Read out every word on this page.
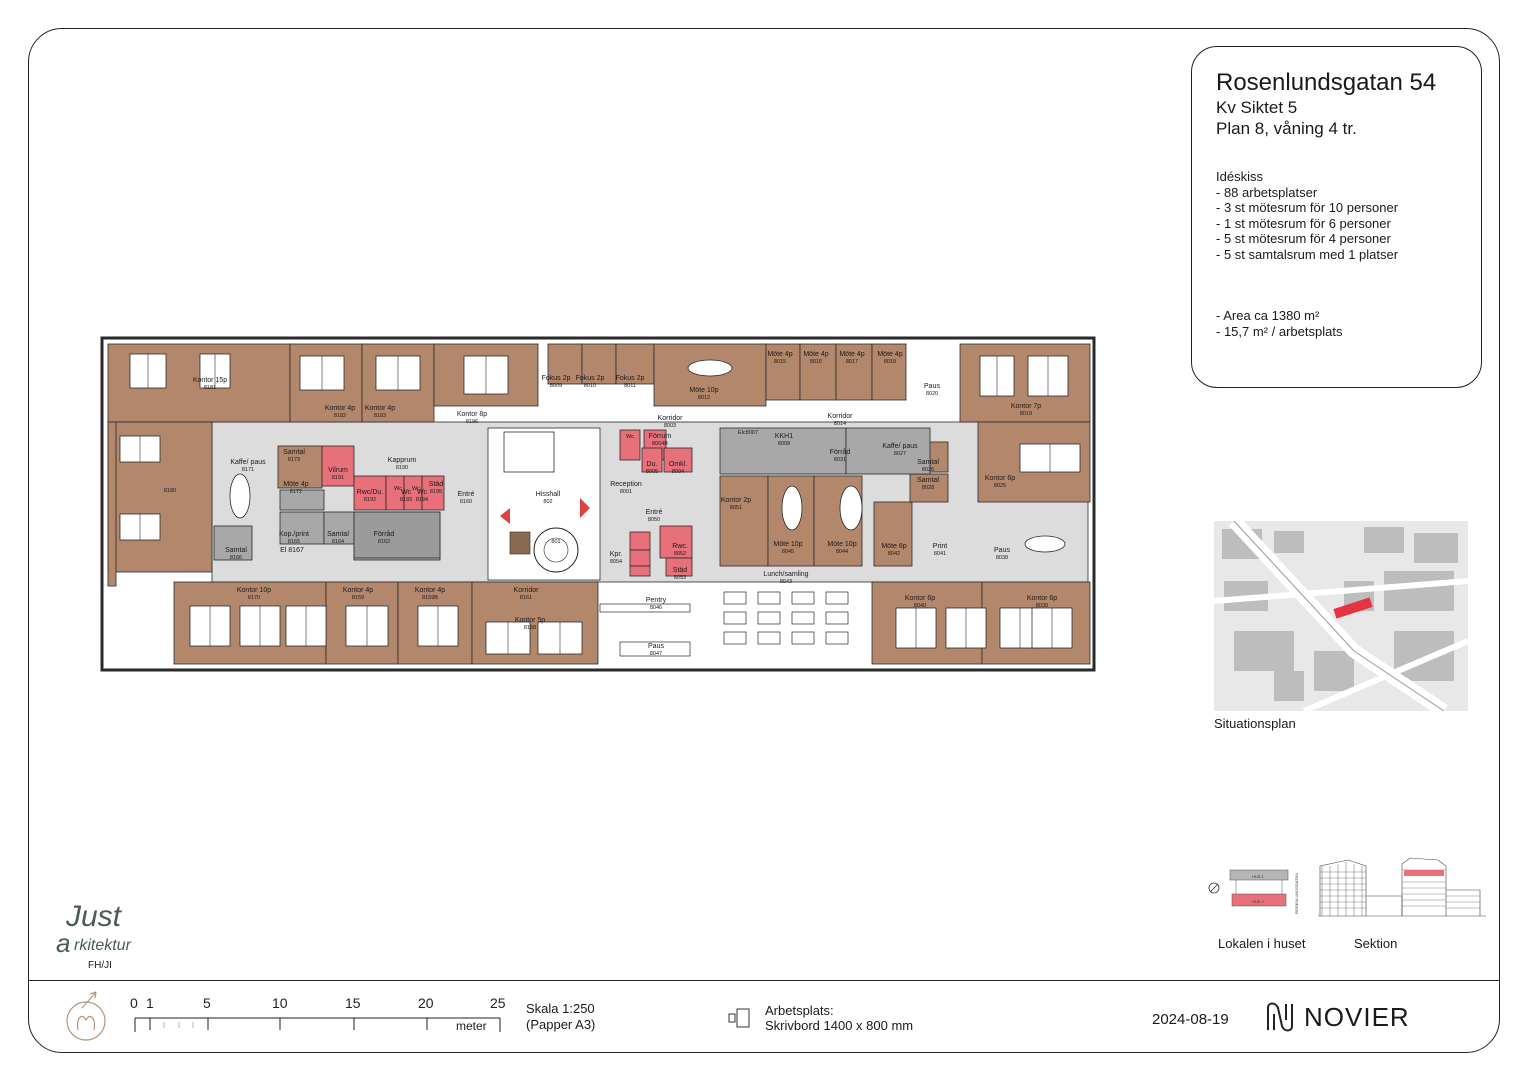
Rosenlundsgatan 54
Kv Siktet 5
Plan 8, våning 4 tr.
Idéskiss
- 88 arbetsplatser
- 3 st mötesrum för 10 personer
- 1 st mötesrum för 6 personer
- 5 st mötesrum för 4 personer
- 5 st samtalsrum med 1 platser
- Area ca 1380 m²
- 15,7 m² / arbetsplats
Kontor 15p
8181
Kontor 4p
8182
Kontor 4p
8183	Kontor 8p
8196
Fokus 2p
8009
Fokus 2p
8010
Fokus 2p
8011
Möte 10p
8012
Möte 4p
8015
Möte 4p
8016
Möte 4p
8017
Möte 4p
8018
Paus
8020
Kontor 7p
8019
Korridor
8003
Korridor
8014
Förrum
8004B
KKH1
8008
Förråd
8031
Kaffe/ paus
8027
Samtal
8026
Samtal
8028
Kontor 6p
8025
Samtal
8173
Kaffe/ paus
8171	Vilrum
8191
Kapprum
8190
Möte 4p
8172	Rwc/Du.
8192
Wc
8193
Wc
8194
Städ
8195 Entré
8160
Hisshall
802
Reception
8001
Du.
8005
Omkl.
8004
Entré
8050
Kontor 2p
8051
Möte 10p
8045
Möte 10p
8044
Möte 6p
8042
Print
8041	Paus
8038
8180
Kop./print
8165
Samtal
8164
Förråd
8162
Samtal
8166
El 8167
Kpr.
8054
Rwc.
8052
Städ
8053	Lunch/samling
8043
Kontor 10p
8170
Kontor 4p
8159
Kontor 4p
8159B
Korridor
8161
Kontor 5p
8158
Pentry
8046
Paus
8047
Kontor 6p
8040
Kontor 6p
8039
Elc8007
801
Wc
Wc Wc
Situationsplan
HUS 1
HUS 2	ROSENLUNDSGATAN
Lokalen i huset	Sektion
Just
rkitektur
a
FH/JI
0 1	5	10	15	20	25
meter
Skala 1:250
(Papper A3)
Arbetsplats:
Skrivbord 1400 x 800 mm	2024-08-19	NOVIER
